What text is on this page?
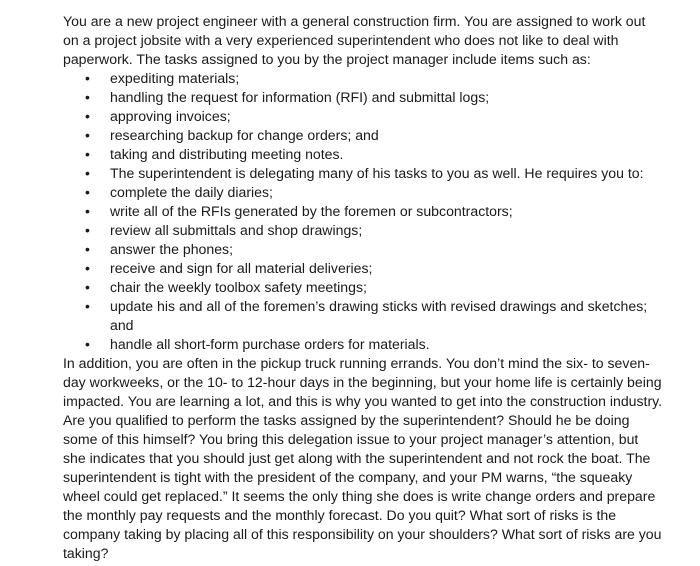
You are a new project engineer with a general construction firm. You are assigned to work out on a project jobsite with a very experienced superintendent who does not like to deal with paperwork. The tasks assigned to you by the project manager include items such as:

• expediting materials;
• handling the request for information (RFI) and submittal logs;
• approving invoices;
• researching backup for change orders; and
• taking and distributing meeting notes.
• The superintendent is delegating many of his tasks to you as well. He requires you to:
• complete the daily diaries;
• write all of the RFIs generated by the foremen or subcontractors;
• review all submittals and shop drawings;
• answer the phones;
• receive and sign for all material deliveries;
• chair the weekly toolbox safety meetings;
• update his and all of the foremen’s drawing sticks with revised drawings and sketches; and
• handle all short-form purchase orders for materials.

In addition, you are often in the pickup truck running errands. You don’t mind the six- to seven-day workweeks, or the 10- to 12-hour days in the beginning, but your home life is certainly being impacted. You are learning a lot, and this is why you wanted to get into the construction industry. Are you qualified to perform the tasks assigned by the superintendent? Should he be doing some of this himself? You bring this delegation issue to your project manager’s attention, but she indicates that you should just get along with the superintendent and not rock the boat. The superintendent is tight with the president of the company, and your PM warns, “the squeaky wheel could get replaced.” It seems the only thing she does is write change orders and prepare the monthly pay requests and the monthly forecast. Do you quit? What sort of risks is the company taking by placing all of this responsibility on your shoulders? What sort of risks are you taking?
